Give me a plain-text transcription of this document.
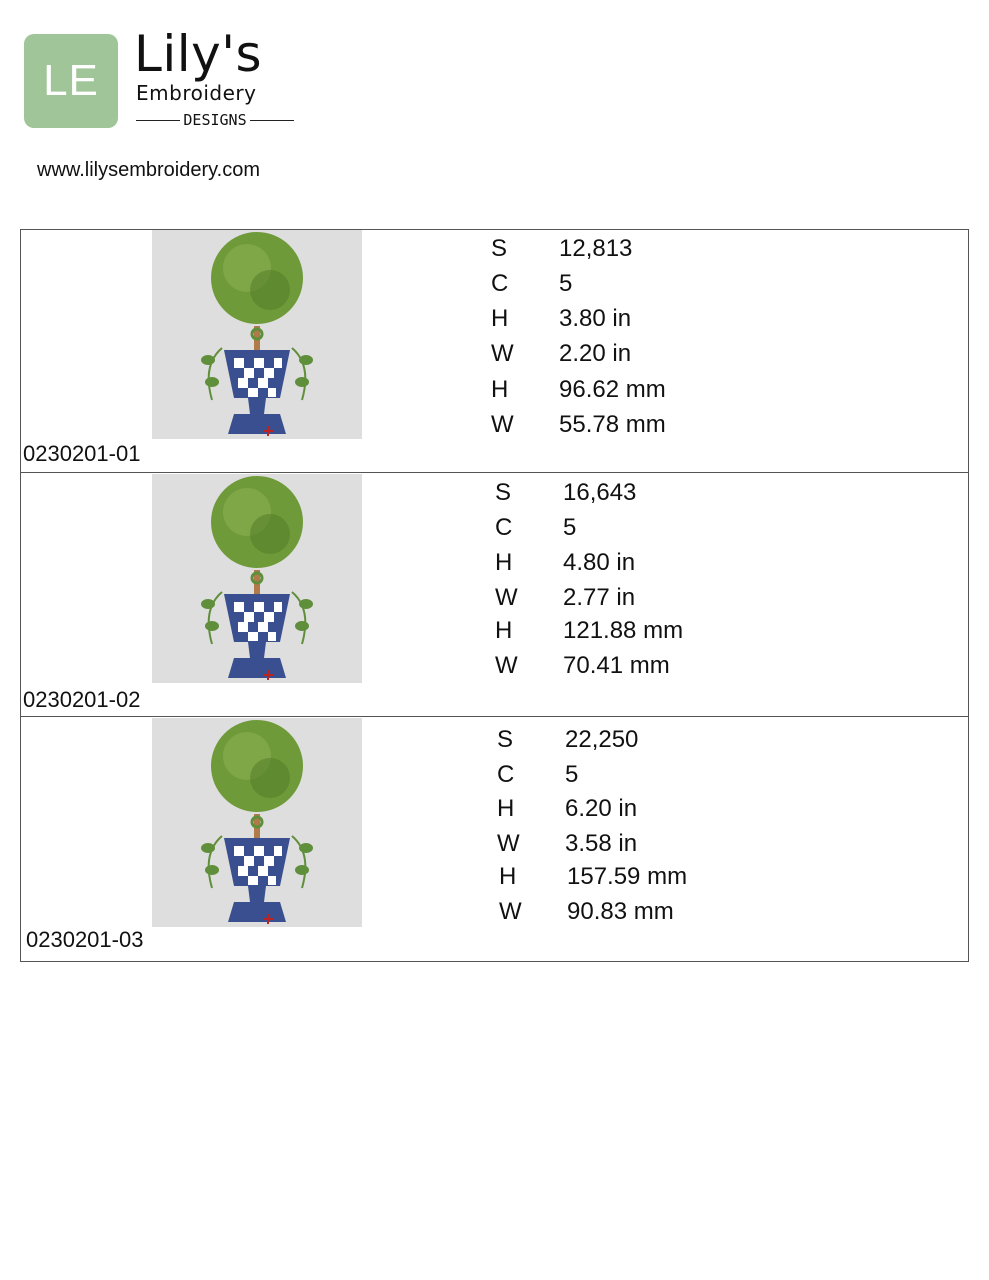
LE Lily's
Embroidery
DESIGNS
www.lilysembroidery.com
0230201-01
S	12,813
C	5
H	3.80 in
W	2.20 in
H	96.62 mm
W	55.78 mm
0230201-02
S	16,643
C	5
H	4.80 in
W	2.77 in
H	121.88 mm
W	70.41 mm
0230201-03
S	22,250
C	5
H	6.20 in
W	3.58 in
H	157.59 mm
W	90.83 mm
